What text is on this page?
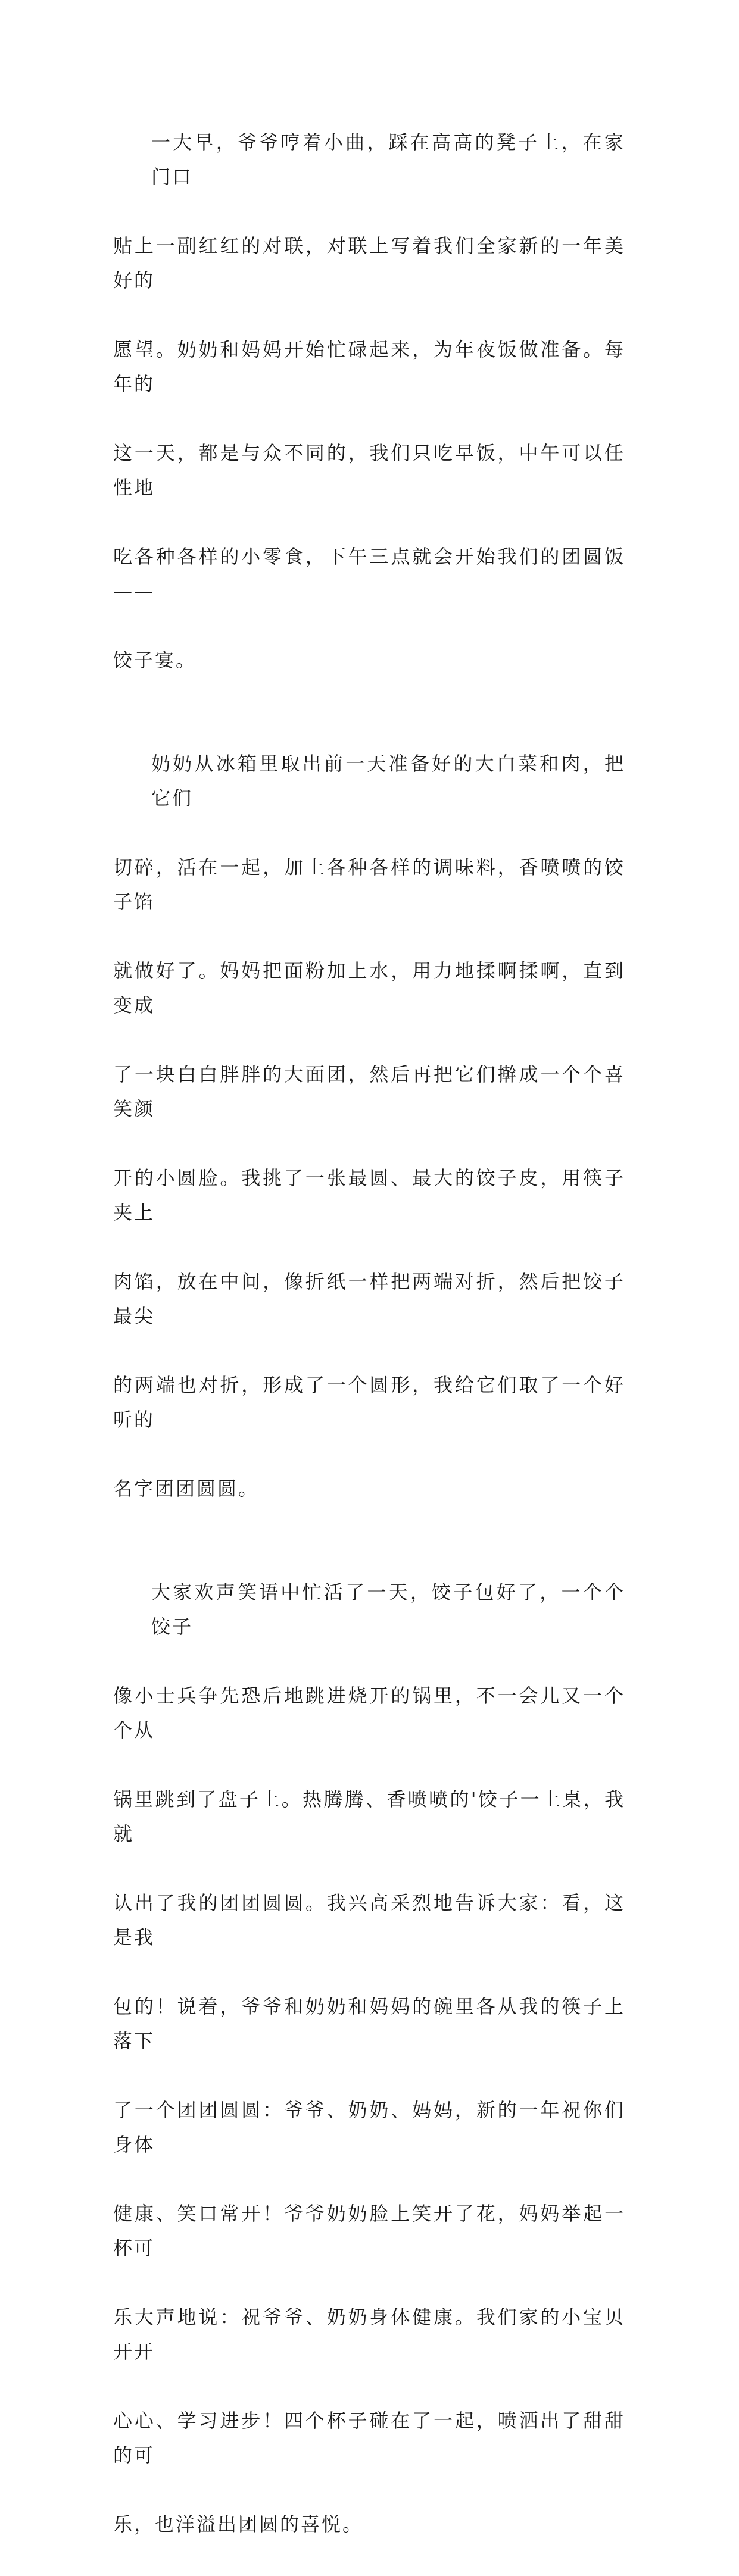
一大早，爷爷哼着小曲，踩在高高的凳子上，在家门口

贴上一副红红的对联，对联上写着我们全家新的一年美好的

愿望。奶奶和妈妈开始忙碌起来，为年夜饭做准备。每年的

这一天，都是与众不同的，我们只吃早饭，中午可以任性地

吃各种各样的小零食，下午三点就会开始我们的团圆饭——

饺子宴。

奶奶从冰箱里取出前一天准备好的大白菜和肉，把它们

切碎，活在一起，加上各种各样的调味料，香喷喷的饺子馅

就做好了。妈妈把面粉加上水，用力地揉啊揉啊，直到变成

了一块白白胖胖的大面团，然后再把它们擀成一个个喜笑颜

开的小圆脸。我挑了一张最圆、最大的饺子皮，用筷子夹上

肉馅，放在中间，像折纸一样把两端对折，然后把饺子最尖

的两端也对折，形成了一个圆形，我给它们取了一个好听的

名字团团圆圆。

大家欢声笑语中忙活了一天，饺子包好了，一个个饺子

像小士兵争先恐后地跳进烧开的锅里，不一会儿又一个个从

锅里跳到了盘子上。热腾腾、香喷喷的'饺子一上桌，我就

认出了我的团团圆圆。我兴高采烈地告诉大家：看，这是我

包的！说着，爷爷和奶奶和妈妈的碗里各从我的筷子上落下

了一个团团圆圆：爷爷、奶奶、妈妈，新的一年祝你们身体

健康、笑口常开！爷爷奶奶脸上笑开了花，妈妈举起一杯可

乐大声地说：祝爷爷、奶奶身体健康。我们家的小宝贝开开

心心、学习进步！四个杯子碰在了一起，喷洒出了甜甜的可

乐，也洋溢出团圆的喜悦。
